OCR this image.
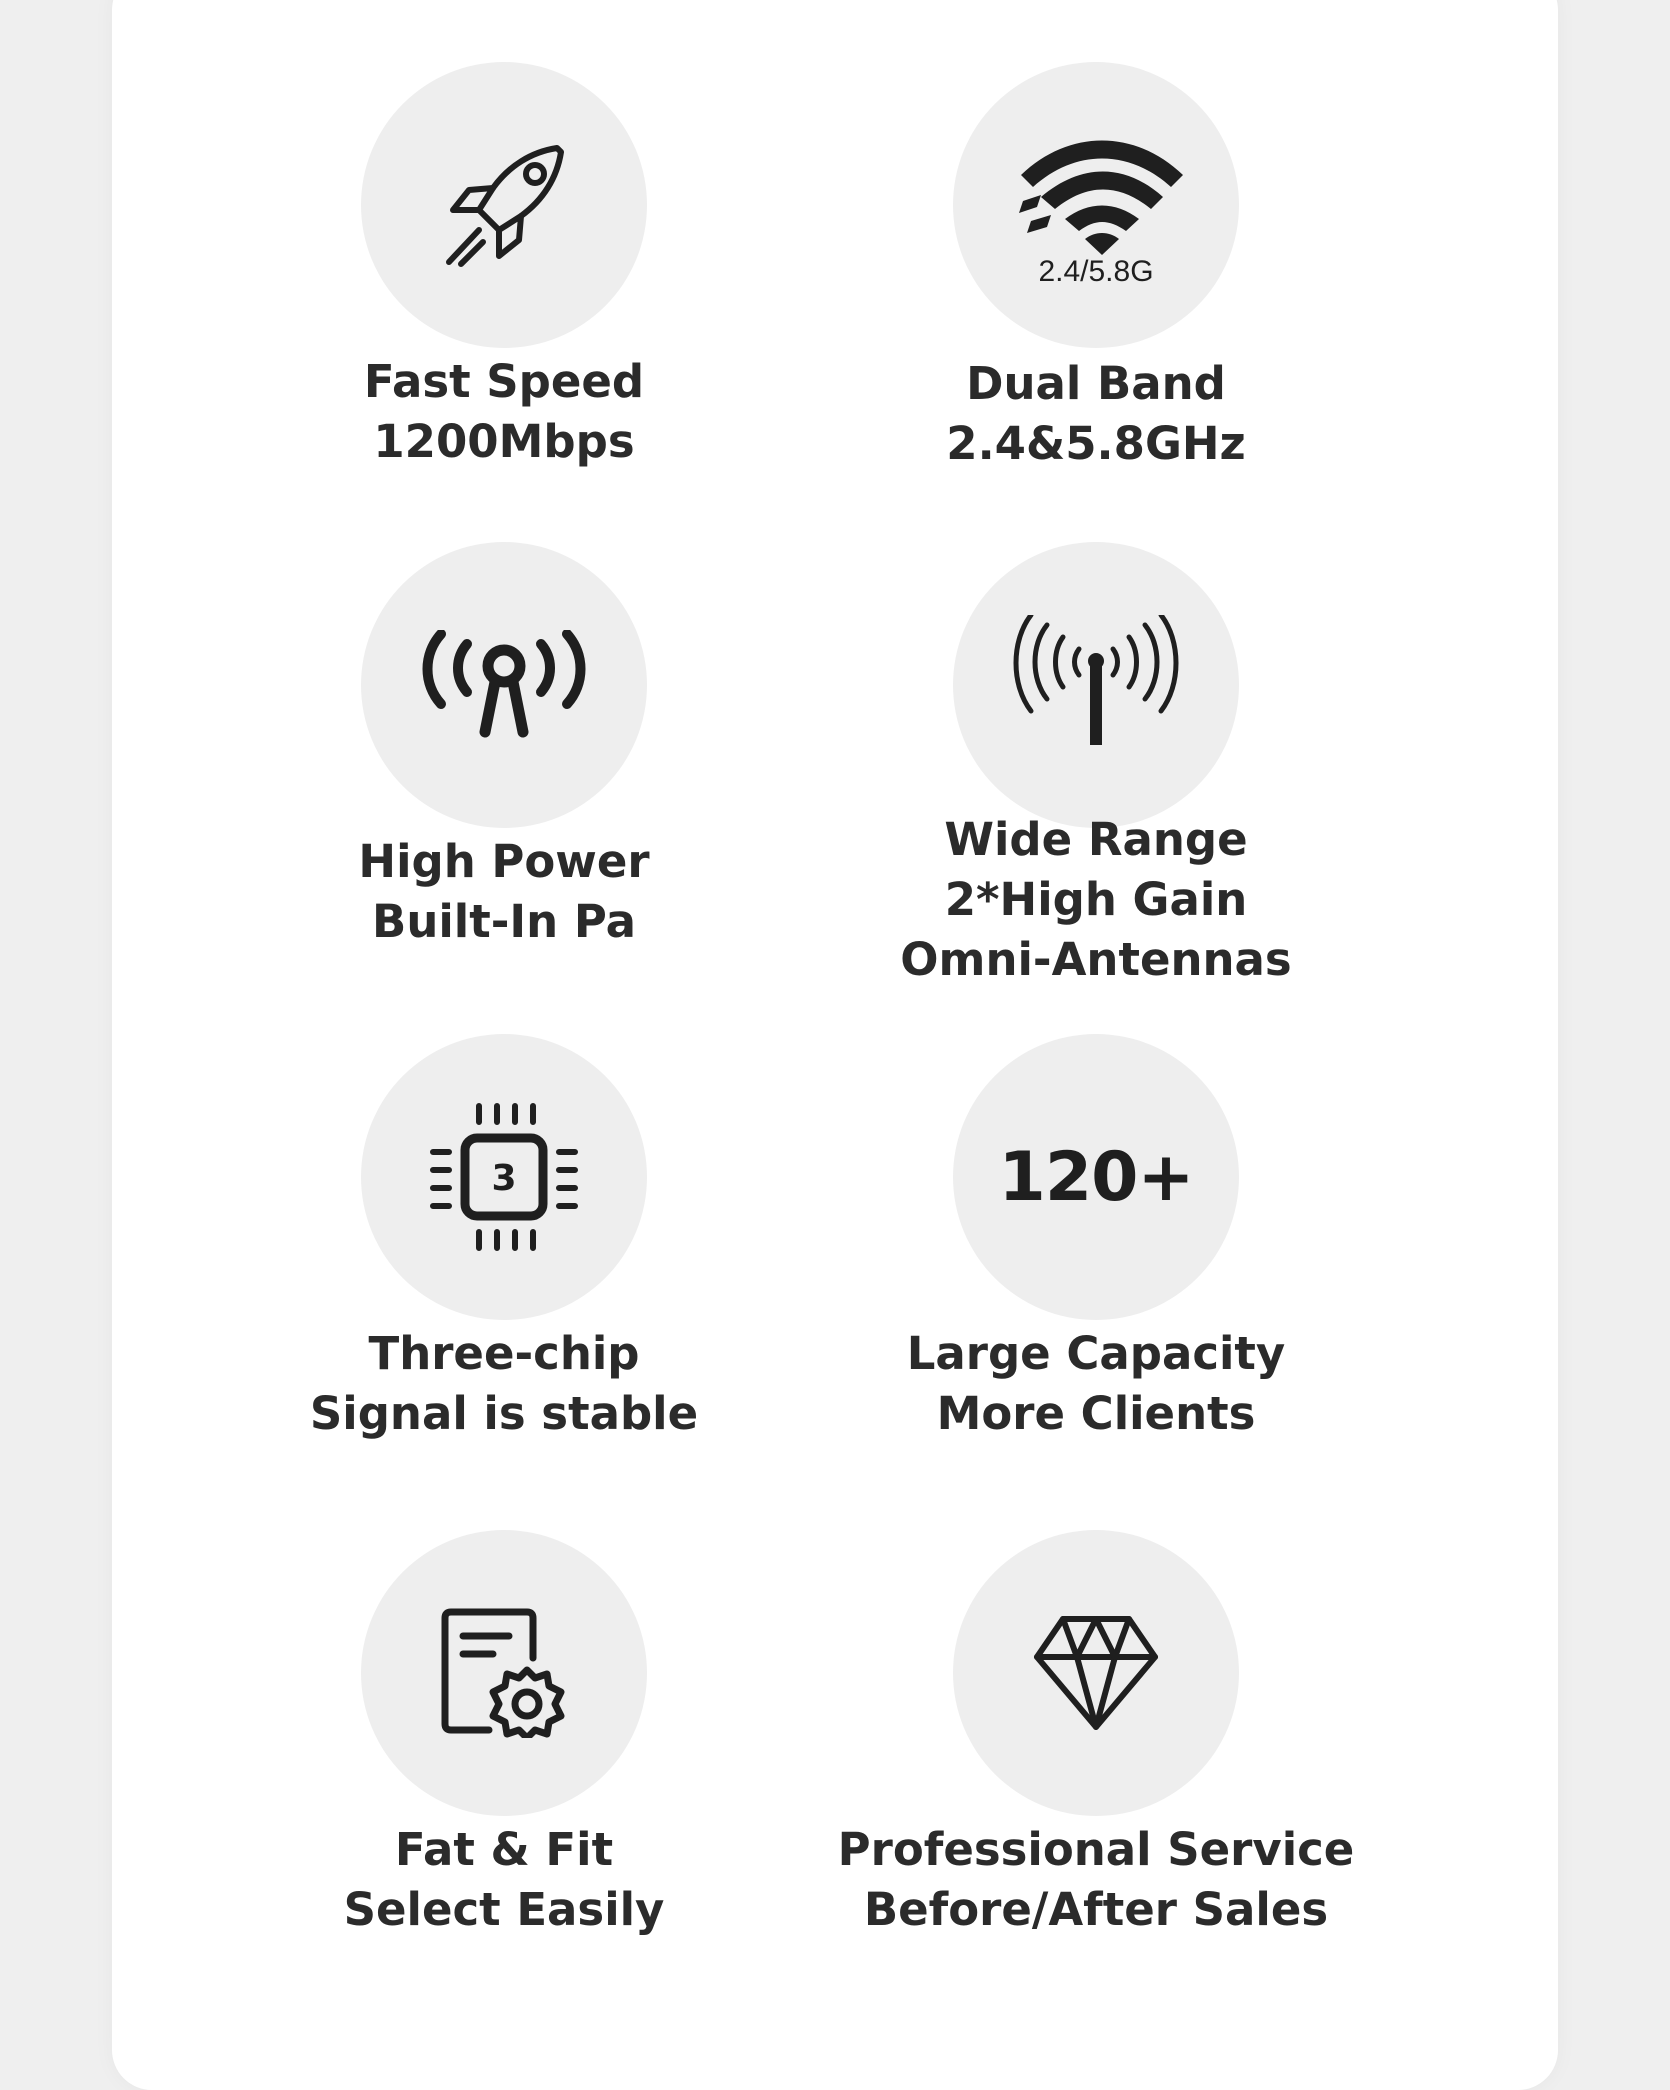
Fast Speed
1200Mbps
2.4/5.8G
Dual Band
2.4&5.8GHz
High Power
Built-In Pa
Wide Range
2*High Gain
Omni-Antennas
3
Three-chip
Signal is stable
120+
Large Capacity
More Clients
Fat & Fit
Select Easily
Professional Service
Before/After Sales
